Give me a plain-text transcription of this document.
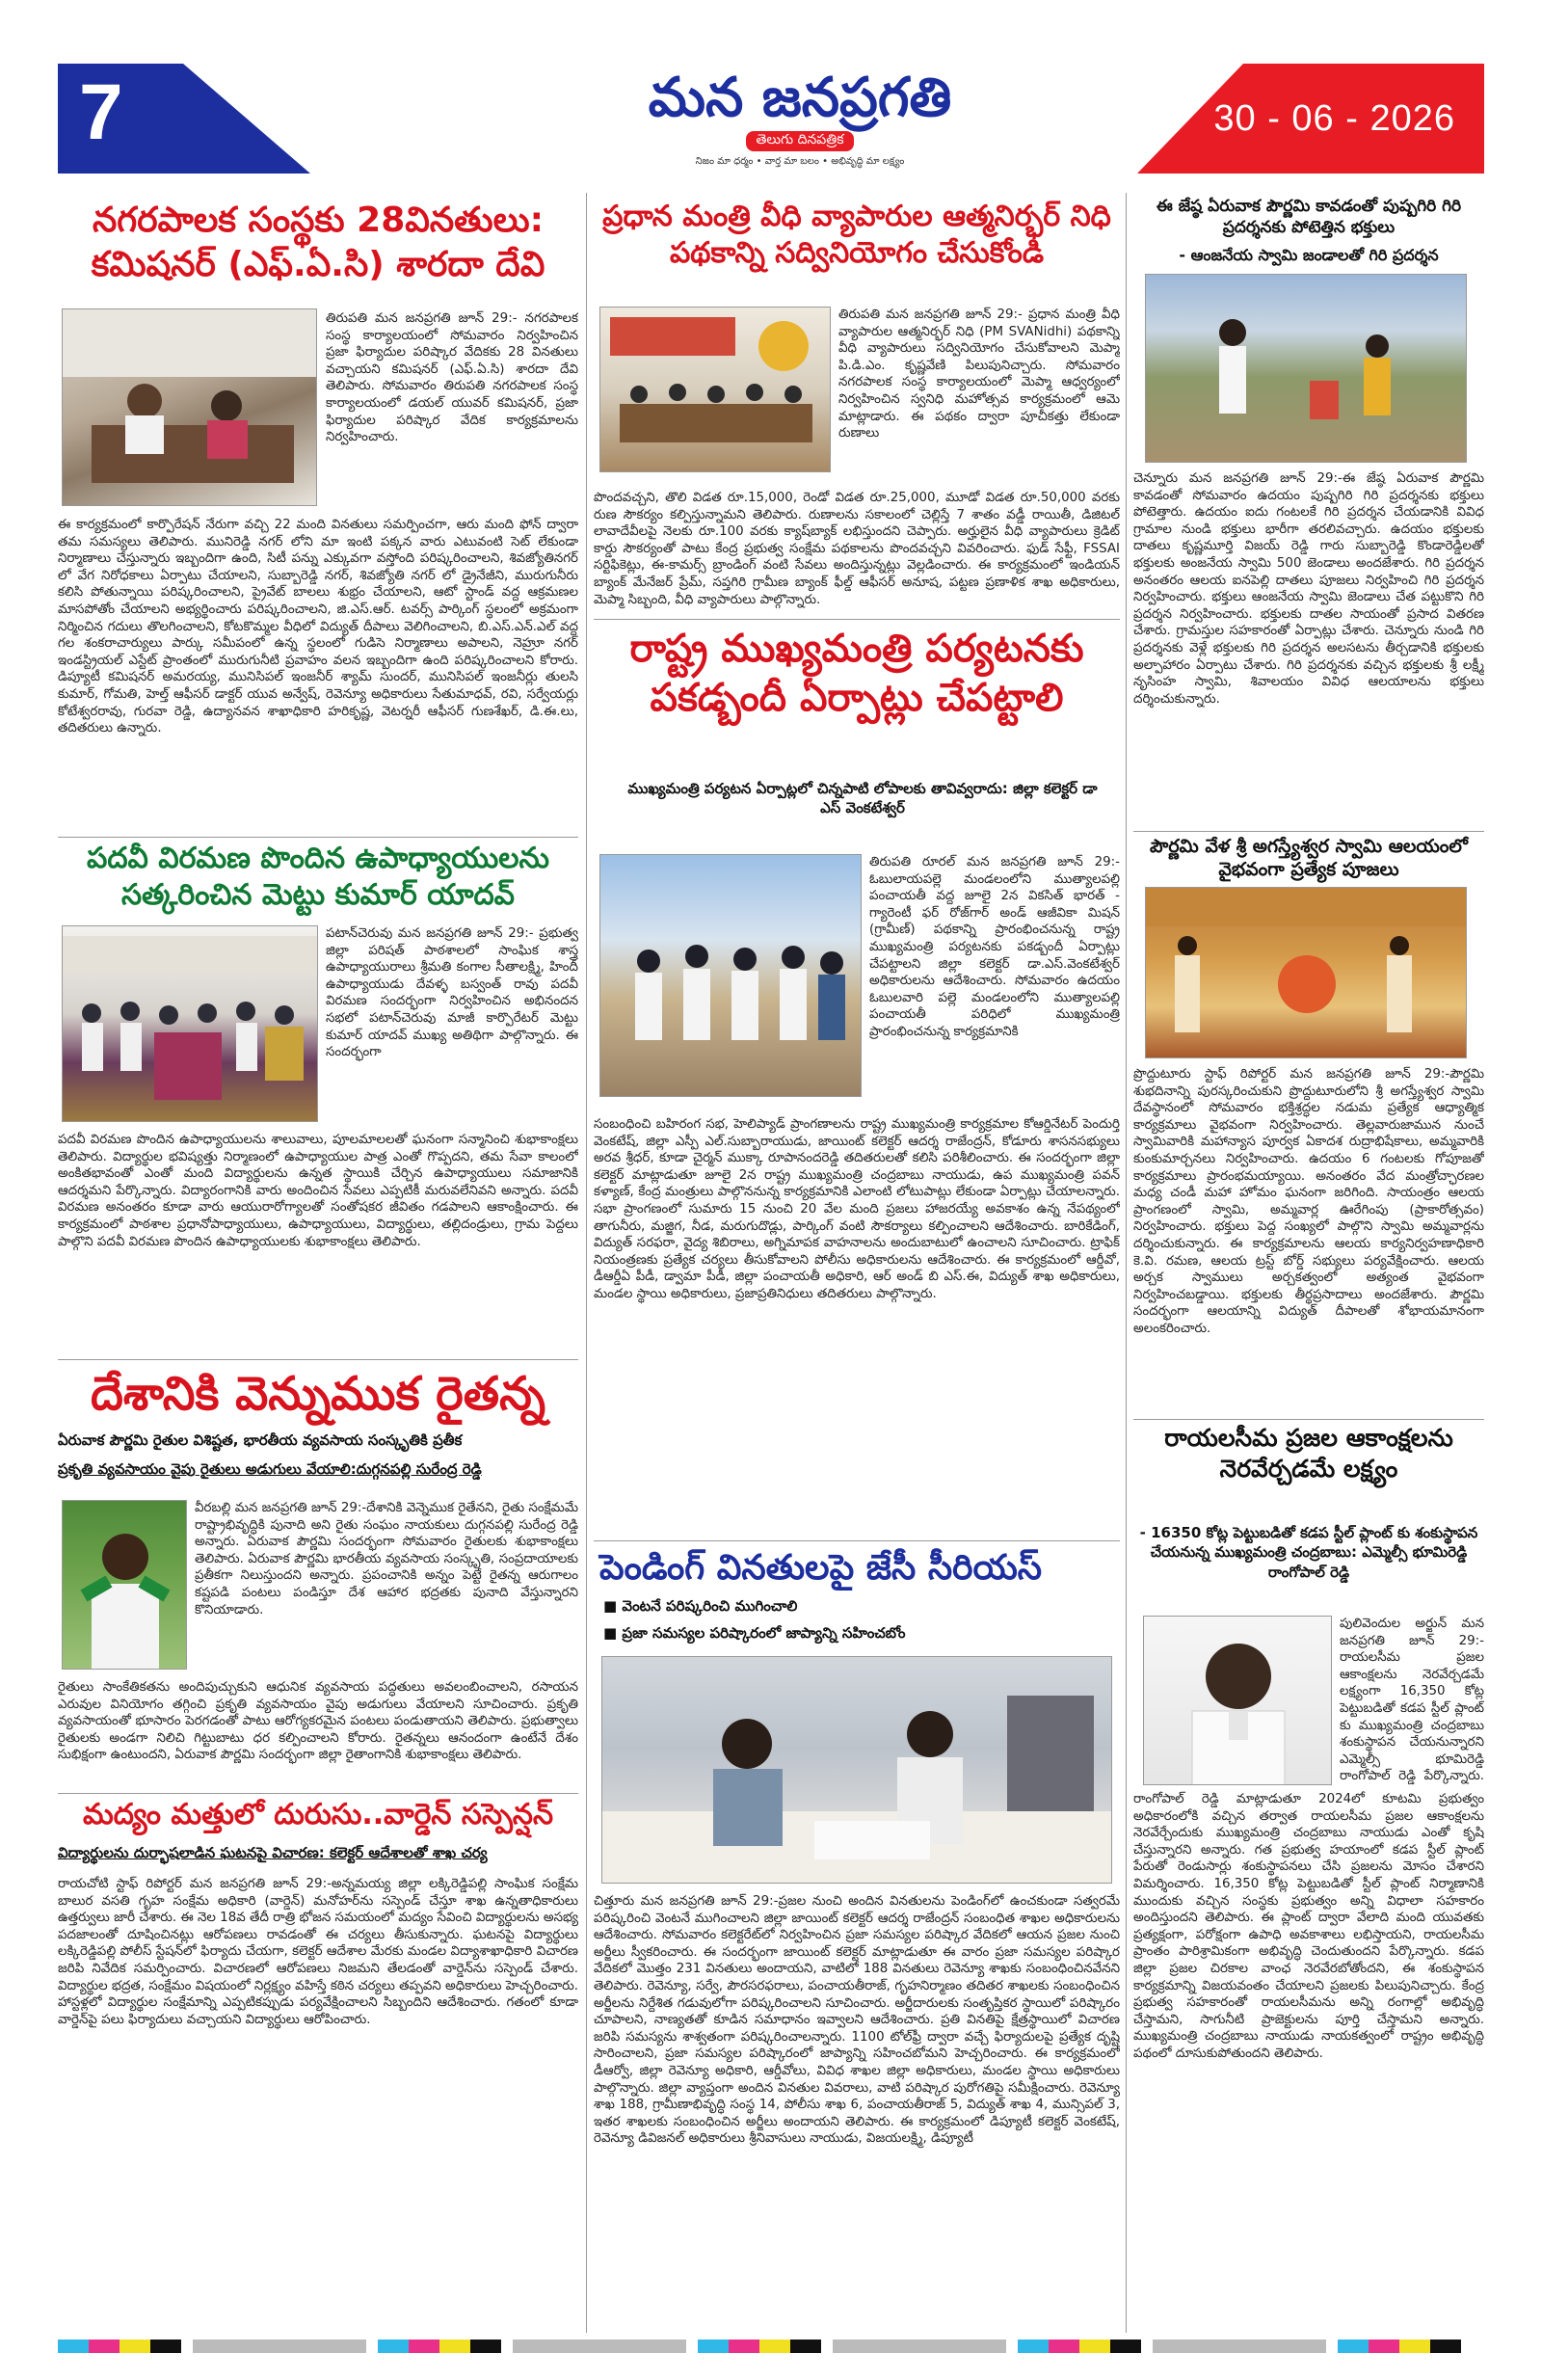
7	మన జనప్రగతి
తెలుగు దినపత్రిక
నిజం మా ధర్మం • వార్త మా బలం • అభివృద్ధి మా లక్ష్యం
30 - 06 - 2026
నగరపాలక సంస్థకు 28వినతులు: కమిషనర్ (ఎఫ్.ఏ.సి) శారదా దేవి
తిరుపతి మన జనప్రగతి జూన్ 29:- నగరపాలక సంస్థ కార్యాలయంలో సోమవారం నిర్వహించిన ప్రజా ఫిర్యాదుల పరిష్కార వేదికకు 28 వినతులు వచ్చాయని కమిషనర్ (ఎఫ్.ఏ.సి) శారదా దేవి తెలిపారు. సోమవారం తిరుపతి నగరపాలక సంస్థ కార్యాలయంలో డయల్ యువర్ కమిషనర్, ప్రజా ఫిర్యాదుల పరిష్కార వేదిక కార్యక్రమాలను నిర్వహించారు.
ఈ కార్యక్రమంలో కార్పొరేషన్ నేరుగా వచ్చి 22 మంది వినతులు సమర్పించగా, ఆరు మంది ఫోన్ ద్వారా తమ సమస్యలు తెలిపారు. మునిరెడ్డి నగర్ లోని మా ఇంటి పక్కన వారు ఎటువంటి సెట్ లేకుండా నిర్మాణాలు చేస్తున్నారు ఇబ్బందిగా ఉంది, సిటీ పన్ను ఎక్కువగా వస్తోంది పరిష్కరించాలని, శివజ్యోతినగర్ లో వేగ నిరోధకాలు ఏర్పాటు చేయాలని, సుబ్బారెడ్డి నగర్, శివజ్యోతి నగర్ లో డ్రైనేజీని, మురుగునీరు కలిసి పోతున్నాయి పరిష్కరించాలని, ప్రైవేట్ బాలలు శుభ్రం చేయాలని, ఆటో స్టాండ్ వద్ద ఆక్రమణల మాసపోతోం చేయాలని అభ్యర్థించారు పరిష్కరించాలని, జి.ఎస్.ఆర్. టవర్స్ పార్కింగ్ స్థలంలో అక్రమంగా నిర్మించిన గదులు తొలగించాలని, కోటకొమ్మల వీధిలో విద్యుత్ దీపాలు వెలిగించాలని, బి.ఎస్.ఎన్.ఎల్ వద్ద గల శంకరాచార్యులు పార్కు సమీపంలో ఉన్న స్థలంలో గుడిసె నిర్మాణాలు అపాలని, నెహ్రూ నగర్ ఇండస్ట్రియల్ ఎస్టేట్ ప్రాంతంలో మురుగునీటి ప్రవాహం వలన ఇబ్బందిగా ఉంది పరిష్కరించాలని కోరారు. డిప్యూటీ కమిషనర్ అమరయ్య, మునిసిపల్ ఇంజనీర్ శ్యామ్ సుందర్, మునిసిపల్ ఇంజనీర్లు తులసి కుమార్, గోమతి, హెల్త్ ఆఫీసర్ డాక్టర్ యువ అన్వేష్, రెవెన్యూ అధికారులు సేతుమాధవ్, రవి, సర్వేయర్లు కోటేశ్వరరావు, గురవా రెడ్డి, ఉద్యానవన శాఖాధికారి హరికృష్ణ, వెటర్నరీ ఆఫీసర్ గుణశేఖర్, డి.ఈ.లు, తదితరులు ఉన్నారు.
పదవీ విరమణ పొందిన ఉపాధ్యాయులను సత్కరించిన మెట్టు కుమార్ యాదవ్
పటాన్‌చెరువు మన జనప్రగతి జూన్ 29:- ప్రభుత్వ జిల్లా పరిషత్ పాఠశాలలో సాంఘిక శాస్త్ర ఉపాధ్యాయురాలు శ్రీమతి కంగాల సీతాలక్ష్మి, హిందీ ఉపాధ్యాయుడు దేవళ్ళ బస్వంత్ రావు పదవీ విరమణ సందర్భంగా నిర్వహించిన అభినందన సభలో పటాన్‌చెరువు మాజీ కార్పొరేటర్ మెట్టు కుమార్ యాదవ్ ముఖ్య అతిథిగా పాల్గొన్నారు. ఈ సందర్భంగా
పదవీ విరమణ పొందిన ఉపాధ్యాయులను శాలువాలు, పూలమాలలతో ఘనంగా సన్మానించి శుభాకాంక్షలు తెలిపారు. విద్యార్థుల భవిష్యత్తు నిర్మాణంలో ఉపాధ్యాయుల పాత్ర ఎంతో గొప్పదని, తమ సేవా కాలంలో అంకితభావంతో ఎంతో మంది విద్యార్థులను ఉన్నత స్థాయికి చేర్చిన ఉపాధ్యాయులు సమాజానికి ఆదర్శమని పేర్కొన్నారు. విద్యారంగానికి వారు అందించిన సేవలు ఎప్పటికీ మరువలేనివని అన్నారు. పదవీ విరమణ అనంతరం కూడా వారు ఆయురారోగ్యాలతో సంతోషకర జీవితం గడపాలని ఆకాంక్షించారు. ఈ కార్యక్రమంలో పాఠశాల ప్రధానోపాధ్యాయులు, ఉపాధ్యాయులు, విద్యార్థులు, తల్లిదండ్రులు, గ్రామ పెద్దలు పాల్గొని పదవీ విరమణ పొందిన ఉపాధ్యాయులకు శుభాకాంక్షలు తెలిపారు.
దేశానికి వెన్నుముక రైతన్న
ఏరువాక పౌర్ణమి రైతుల విశిష్టత, భారతీయ వ్యవసాయ సంస్కృతికి ప్రతీక
ప్రకృతి వ్యవసాయం వైపు రైతులు అడుగులు వేయాలి:దుగ్గనపల్లి సురేంద్ర రెడ్డి
వీరబల్లి మన జనప్రగతి జూన్ 29:-దేశానికి వెన్నెముక రైతేనని, రైతు సంక్షేమమే రాష్ట్రాభివృద్ధికి పునాది అని రైతు సంఘం నాయకులు దుగ్గనపల్లి సురేంద్ర రెడ్డి అన్నారు. ఏరువాక పౌర్ణమి సందర్భంగా సోమవారం రైతులకు శుభాకాంక్షలు తెలిపారు. ఏరువాక పౌర్ణమి భారతీయ వ్యవసాయ సంస్కృతి, సంప్రదాయాలకు ప్రతీకగా నిలుస్తుందని అన్నారు. ప్రపంచానికి అన్నం పెట్టే రైతన్న ఆరుగాలం కష్టపడి పంటలు పండిస్తూ దేశ ఆహార భద్రతకు పునాది వేస్తున్నారని కొనియాడారు.
రైతులు సాంకేతికతను అందిపుచ్చుకుని ఆధునిక వ్యవసాయ పద్ధతులు అవలంబించాలని, రసాయన ఎరువుల వినియోగం తగ్గించి ప్రకృతి వ్యవసాయం వైపు అడుగులు వేయాలని సూచించారు. ప్రకృతి వ్యవసాయంతో భూసారం పెరగడంతో పాటు ఆరోగ్యకరమైన పంటలు పండుతాయని తెలిపారు. ప్రభుత్వాలు రైతులకు అండగా నిలిచి గిట్టుబాటు ధర కల్పించాలని కోరారు. రైతన్నలు ఆనందంగా ఉంటేనే దేశం సుభిక్షంగా ఉంటుందని, ఏరువాక పౌర్ణమి సందర్భంగా జిల్లా రైతాంగానికి శుభాకాంక్షలు తెలిపారు.
మద్యం మత్తులో దురుసు..వార్డెన్ సస్పెన్షన్
విద్యార్థులను దుర్భాషలాడిన ఘటనపై విచారణ: కలెక్టర్ ఆదేశాలతో శాఖ చర్య
రాయచోటి స్టాఫ్ రిపోర్టర్ మన జనప్రగతి జూన్ 29:-అన్నమయ్య జిల్లా లక్కిరెడ్డిపల్లి సాంఘిక సంక్షేమ బాలుర వసతి గృహ సంక్షేమ అధికారి (వార్డెన్) మనోహర్‌ను సస్పెండ్ చేస్తూ శాఖ ఉన్నతాధికారులు ఉత్తర్వులు జారీ చేశారు. ఈ నెల 18వ తేదీ రాత్రి భోజన సమయంలో మద్యం సేవించి విద్యార్థులను అసభ్య పదజాలంతో దూషించినట్లు ఆరోపణలు రావడంతో ఈ చర్యలు తీసుకున్నారు. ఘటనపై విద్యార్థులు లక్కిరెడ్డిపల్లి పోలీస్ స్టేషన్‌లో ఫిర్యాదు చేయగా, కలెక్టర్ ఆదేశాల మేరకు మండల విద్యాశాఖాధికారి విచారణ జరిపి నివేదిక సమర్పించారు. విచారణలో ఆరోపణలు నిజమని తేలడంతో వార్డెన్‌ను సస్పెండ్ చేశారు. విద్యార్థుల భద్రత, సంక్షేమం విషయంలో నిర్లక్ష్యం వహిస్తే కఠిన చర్యలు తప్పవని అధికారులు హెచ్చరించారు. హాస్టళ్లలో విద్యార్థుల సంక్షేమాన్ని ఎప్పటికప్పుడు పర్యవేక్షించాలని సిబ్బందిని ఆదేశించారు. గతంలో కూడా వార్డెన్‌పై పలు ఫిర్యాదులు వచ్చాయని విద్యార్థులు ఆరోపించారు.
ప్రధాన మంత్రి వీధి వ్యాపారుల ఆత్మనిర్భర్ నిధి పథకాన్ని సద్వినియోగం చేసుకోండి
తిరుపతి మన జనప్రగతి జూన్ 29:- ప్రధాన మంత్రి వీధి వ్యాపారుల ఆత్మనిర్భర్ నిధి (PM SVANidhi) పథకాన్ని వీధి వ్యాపారులు సద్వినియోగం చేసుకోవాలని మెప్మా పి.డి.ఎం. కృష్ణవేణి పిలుపునిచ్చారు. సోమవారం నగరపాలక సంస్థ కార్యాలయంలో మెప్మా ఆధ్వర్యంలో నిర్వహించిన స్వనిధి మహోత్సవ కార్యక్రమంలో ఆమె మాట్లాడారు. ఈ పథకం ద్వారా పూచీకత్తు లేకుండా రుణాలు
పొందవచ్చని, తొలి విడత రూ.15,000, రెండో విడత రూ.25,000, మూడో విడత రూ.50,000 వరకు రుణ సౌకర్యం కల్పిస్తున్నామని తెలిపారు. రుణాలను సకాలంలో చెల్లిస్తే 7 శాతం వడ్డీ రాయితీ, డిజిటల్ లావాదేవీలపై నెలకు రూ.100 వరకు క్యాష్‌బ్యాక్ లభిస్తుందని చెప్పారు. అర్హులైన వీధి వ్యాపారులు క్రెడిట్ కార్డు సౌకర్యంతో పాటు కేంద్ర ప్రభుత్వ సంక్షేమ పథకాలను పొందవచ్చని వివరించారు. ఫుడ్ సేఫ్టీ, FSSAI సర్టిఫికెట్లు, ఈ-కామర్స్ బ్రాండింగ్ వంటి సేవలు అందిస్తున్నట్లు వెల్లడించారు. ఈ కార్యక్రమంలో ఇండియన్ బ్యాంక్ మేనేజర్ ప్రేమ్, సప్తగిరి గ్రామీణ బ్యాంక్ ఫీల్డ్ ఆఫీసర్ అనూష, పట్టణ ప్రణాళిక శాఖ అధికారులు, మెప్మా సిబ్బంది, వీధి వ్యాపారులు పాల్గొన్నారు.
రాష్ట్ర ముఖ్యమంత్రి పర్యటనకు పకడ్బందీ ఏర్పాట్లు చేపట్టాలి
ముఖ్యమంత్రి పర్యటన ఏర్పాట్లలో చిన్నపాటి లోపాలకు తావివ్వరాదు: జిల్లా కలెక్టర్ డా ఎస్ వెంకటేశ్వర్
తిరుపతి రూరల్ మన జనప్రగతి జూన్ 29:- ఓబులాయపల్లె మండలంలోని ముత్యాలపల్లి పంచాయతీ వద్ద జూలై 2న వికసిత్ భారత్ - గ్యారెంటీ ఫర్ రోజ్‌గార్ అండ్ ఆజీవికా మిషన్ (గ్రామీణ్) పథకాన్ని ప్రారంభించనున్న రాష్ట్ర ముఖ్యమంత్రి పర్యటనకు పకడ్బందీ ఏర్పాట్లు చేపట్టాలని జిల్లా కలెక్టర్ డా.ఎస్.వెంకటేశ్వర్ అధికారులను ఆదేశించారు. సోమవారం ఉదయం ఓబులవారి పల్లె మండలంలోని ముత్యాలపల్లి పంచాయతీ పరిధిలో ముఖ్యమంత్రి ప్రారంభించనున్న కార్యక్రమానికి
సంబంధించి బహిరంగ సభ, హెలిప్యాడ్ ప్రాంగణాలను రాష్ట్ర ముఖ్యమంత్రి కార్యక్రమాల కోఆర్డినేటర్ పెందుర్తి వెంకటేష్, జిల్లా ఎస్పీ ఎల్.సుబ్బారాయుడు, జాయింట్ కలెక్టర్ ఆదర్శ రాజేంద్రన్, కోడూరు శాసనసభ్యులు అరవ శ్రీధర్, కూడా చైర్మన్ ముక్కా రూపానందరెడ్డి తదితరులతో కలిసి పరిశీలించారు. ఈ సందర్భంగా జిల్లా కలెక్టర్ మాట్లాడుతూ జూలై 2న రాష్ట్ర ముఖ్యమంత్రి చంద్రబాబు నాయుడు, ఉప ముఖ్యమంత్రి పవన్ కళ్యాణ్, కేంద్ర మంత్రులు పాల్గొననున్న కార్యక్రమానికి ఎలాంటి లోటుపాట్లు లేకుండా ఏర్పాట్లు చేయాలన్నారు. సభా ప్రాంగణంలో సుమారు 15 నుంచి 20 వేల మంది ప్రజలు హాజరయ్యే అవకాశం ఉన్న నేపథ్యంలో తాగునీరు, మజ్జిగ, నీడ, మరుగుదొడ్లు, పార్కింగ్ వంటి సౌకర్యాలు కల్పించాలని ఆదేశించారు. బారికేడింగ్, విద్యుత్ సరఫరా, వైద్య శిబిరాలు, అగ్నిమాపక వాహనాలను అందుబాటులో ఉంచాలని సూచించారు. ట్రాఫిక్ నియంత్రణకు ప్రత్యేక చర్యలు తీసుకోవాలని పోలీసు అధికారులను ఆదేశించారు. ఈ కార్యక్రమంలో ఆర్డీవో, డీఆర్డీఏ పీడీ, డ్వామా పీడీ, జిల్లా పంచాయతీ అధికారి, ఆర్ అండ్ బి ఎస్.ఈ, విద్యుత్ శాఖ అధికారులు, మండల స్థాయి అధికారులు, ప్రజాప్రతినిధులు తదితరులు పాల్గొన్నారు.
పెండింగ్ వినతులపై జేసీ సీరియస్
■ వెంటనే పరిష్కరించి ముగించాలి
■ ప్రజా సమస్యల పరిష్కారంలో జాప్యాన్ని సహించబోం
చిత్తూరు మన జనప్రగతి జూన్ 29:-ప్రజల నుంచి అందిన వినతులను పెండింగ్‌లో ఉంచకుండా సత్వరమే పరిష్కరించి వెంటనే ముగించాలని జిల్లా జాయింట్ కలెక్టర్ ఆదర్శ రాజేంద్రన్ సంబంధిత శాఖల అధికారులను ఆదేశించారు. సోమవారం కలెక్టరేట్‌లో నిర్వహించిన ప్రజా సమస్యల పరిష్కార వేదికలో ఆయన ప్రజల నుంచి అర్జీలు స్వీకరించారు. ఈ సందర్భంగా జాయింట్ కలెక్టర్ మాట్లాడుతూ ఈ వారం ప్రజా సమస్యల పరిష్కార వేదికలో మొత్తం 231 వినతులు అందాయని, వాటిలో 188 వినతులు రెవెన్యూ శాఖకు సంబంధించినవేనని తెలిపారు. రెవెన్యూ, సర్వే, పౌరసరఫరాలు, పంచాయతీరాజ్, గృహనిర్మాణం తదితర శాఖలకు సంబంధించిన అర్జీలను నిర్దేశిత గడువులోగా పరిష్కరించాలని సూచించారు. అర్జీదారులకు సంతృప్తికర స్థాయిలో పరిష్కారం చూపాలని, నాణ్యతతో కూడిన సమాధానం ఇవ్వాలని ఆదేశించారు. ప్రతి వినతిపై క్షేత్రస్థాయిలో విచారణ జరిపి సమస్యను శాశ్వతంగా పరిష్కరించాలన్నారు. 1100 టోల్‌ఫ్రీ ద్వారా వచ్చే ఫిర్యాదులపై ప్రత్యేక దృష్టి సారించాలని, ప్రజా సమస్యల పరిష్కారంలో జాప్యాన్ని సహించబోమని హెచ్చరించారు. ఈ కార్యక్రమంలో డీఆర్వో, జిల్లా రెవెన్యూ అధికారి, ఆర్డీవోలు, వివిధ శాఖల జిల్లా అధికారులు, మండల స్థాయి అధికారులు పాల్గొన్నారు. జిల్లా వ్యాప్తంగా అందిన వినతుల వివరాలు, వాటి పరిష్కార పురోగతిపై సమీక్షించారు. రెవెన్యూ శాఖ 188, గ్రామీణాభివృద్ధి సంస్థ 14, పోలీసు శాఖ 6, పంచాయతీరాజ్ 5, విద్యుత్ శాఖ 4, మున్సిపల్ 3, ఇతర శాఖలకు సంబంధించిన అర్జీలు అందాయని తెలిపారు. ఈ కార్యక్రమంలో డిప్యూటీ కలెక్టర్ వెంకటేష్, రెవెన్యూ డివిజనల్ అధికారులు శ్రీనివాసులు నాయుడు, విజయలక్ష్మి, డిప్యూటీ
ఈ జేష్ఠ ఏరువాక పౌర్ణమి కావడంతో పుష్పగిరి గిరి ప్రదర్శనకు పోటెత్తిన భక్తులు
- ఆంజనేయ స్వామి జండాలతో గిరి ప్రదర్శన
చెన్నూరు మన జనప్రగతి జూన్ 29:-ఈ జేష్ఠ ఏరువాక పౌర్ణమి కావడంతో సోమవారం ఉదయం పుష్పగిరి గిరి ప్రదర్శనకు భక్తులు పోటెత్తారు. ఉదయం ఐదు గంటలకే గిరి ప్రదర్శన చేయడానికి వివిధ గ్రామాల నుండి భక్తులు భారీగా తరలివచ్చారు. ఉదయం భక్తులకు దాతలు కృష్ణమూర్తి విజయ్ రెడ్డి గారు సుబ్బారెడ్డి కొండారెడ్డిలతో భక్తులకు అంజనేయ స్వామి 500 జెండాలు అందజేశారు. గిరి ప్రదర్శన అనంతరం ఆలయ ఐనపెల్లి దాతలు పూజలు నిర్వహించి గిరి ప్రదర్శన నిర్వహించారు. భక్తులు ఆంజనేయ స్వామి జెండాలు చేత పట్టుకొని గిరి ప్రదర్శన నిర్వహించారు. భక్తులకు దాతల సాయంతో ప్రసాద వితరణ చేశారు. గ్రామస్తుల సహకారంతో ఏర్పాట్లు చేశారు. చెన్నూరు నుండి గిరి ప్రదర్శనకు వెళ్లే భక్తులకు గిరి ప్రదర్శన అలసటను తీర్చడానికి భక్తులకు అల్పాహారం ఏర్పాటు చేశారు. గిరి ప్రదర్శనకు వచ్చిన భక్తులకు శ్రీ లక్ష్మీ నృసింహ స్వామి, శివాలయం వివిధ ఆలయాలను భక్తులు దర్శించుకున్నారు.
పౌర్ణమి వేళ శ్రీ అగస్త్యేశ్వర స్వామి ఆలయంలో వైభవంగా ప్రత్యేక పూజలు
ప్రొద్దుటూరు స్టాఫ్ రిపోర్టర్ మన జనప్రగతి జూన్ 29:-పౌర్ణమి శుభదినాన్ని పురస్కరించుకుని ప్రొద్దుటూరులోని శ్రీ అగస్త్యేశ్వర స్వామి దేవస్థానంలో సోమవారం భక్తిశ్రద్ధల నడుమ ప్రత్యేక ఆధ్యాత్మిక కార్యక్రమాలు వైభవంగా నిర్వహించారు. తెల్లవారుజామున నుంచే స్వామివారికి మహాన్యాస పూర్వక ఏకాదశ రుద్రాభిషేకాలు, అమ్మవారికి కుంకుమార్చనలు నిర్వహించారు. ఉదయం 6 గంటలకు గోపూజతో కార్యక్రమాలు ప్రారంభమయ్యాయి. అనంతరం వేద మంత్రోచ్ఛారణల మధ్య చండీ మహా హోమం ఘనంగా జరిగింది. సాయంత్రం ఆలయ ప్రాంగణంలో స్వామి, అమ్మవార్ల ఊరేగింపు (ప్రాకారోత్సవం) నిర్వహించారు. భక్తులు పెద్ద సంఖ్యలో పాల్గొని స్వామి అమ్మవార్లను దర్శించుకున్నారు. ఈ కార్యక్రమాలను ఆలయ కార్యనిర్వహణాధికారి కె.వి. రమణ, ఆలయ ట్రస్ట్ బోర్డ్ సభ్యులు పర్యవేక్షించారు. ఆలయ అర్చక స్వాములు అర్చకత్వంలో అత్యంత వైభవంగా నిర్వహించబడ్డాయి. భక్తులకు తీర్థప్రసాదాలు అందజేశారు. పౌర్ణమి సందర్భంగా ఆలయాన్ని విద్యుత్ దీపాలతో శోభాయమానంగా అలంకరించారు.
రాయలసీమ ప్రజల ఆకాంక్షలను నెరవేర్చడమే లక్ష్యం
- 16350 కోట్ల పెట్టుబడితో కడప స్టీల్ ప్లాంట్ కు శంకుస్థాపన చేయనున్న ముఖ్యమంత్రి చంద్రబాబు: ఎమ్మెల్సీ భూమిరెడ్డి రాంగోపాల్ రెడ్డి
పులివెందుల అర్జున్ మన జనప్రగతి జూన్ 29:-రాయలసీమ ప్రజల ఆకాంక్షలను నెరవేర్చడమే లక్ష్యంగా 16,350 కోట్ల పెట్టుబడితో కడప స్టీల్ ప్లాంట్ కు ముఖ్యమంత్రి చంద్రబాబు శంకుస్థాపన చేయనున్నారని ఎమ్మెల్సీ భూమిరెడ్డి రాంగోపాల్ రెడ్డి పేర్కొన్నారు.
రాంగోపాల్ రెడ్డి మాట్లాడుతూ 2024లో కూటమి ప్రభుత్వం అధికారంలోకి వచ్చిన తర్వాత రాయలసీమ ప్రజల ఆకాంక్షలను నెరవేర్చేందుకు ముఖ్యమంత్రి చంద్రబాబు నాయుడు ఎంతో కృషి చేస్తున్నారని అన్నారు. గత ప్రభుత్వ హయాంలో కడప స్టీల్ ప్లాంట్ పేరుతో రెండుసార్లు శంకుస్థాపనలు చేసి ప్రజలను మోసం చేశారని విమర్శించారు. 16,350 కోట్ల పెట్టుబడితో స్టీల్ ప్లాంట్ నిర్మాణానికి ముందుకు వచ్చిన సంస్థకు ప్రభుత్వం అన్ని విధాలా సహకారం అందిస్తుందని తెలిపారు. ఈ ప్లాంట్ ద్వారా వేలాది మంది యువతకు ప్రత్యక్షంగా, పరోక్షంగా ఉపాధి అవకాశాలు లభిస్తాయని, రాయలసీమ ప్రాంతం పారిశ్రామికంగా అభివృద్ధి చెందుతుందని పేర్కొన్నారు. కడప జిల్లా ప్రజల చిరకాల వాంఛ నెరవేరబోతోందని, ఈ శంకుస్థాపన కార్యక్రమాన్ని విజయవంతం చేయాలని ప్రజలకు పిలుపునిచ్చారు. కేంద్ర ప్రభుత్వ సహకారంతో రాయలసీమను అన్ని రంగాల్లో అభివృద్ధి చేస్తామని, సాగునీటి ప్రాజెక్టులను పూర్తి చేస్తామని అన్నారు. ముఖ్యమంత్రి చంద్రబాబు నాయుడు నాయకత్వంలో రాష్ట్రం అభివృద్ధి పథంలో దూసుకుపోతుందని తెలిపారు.
